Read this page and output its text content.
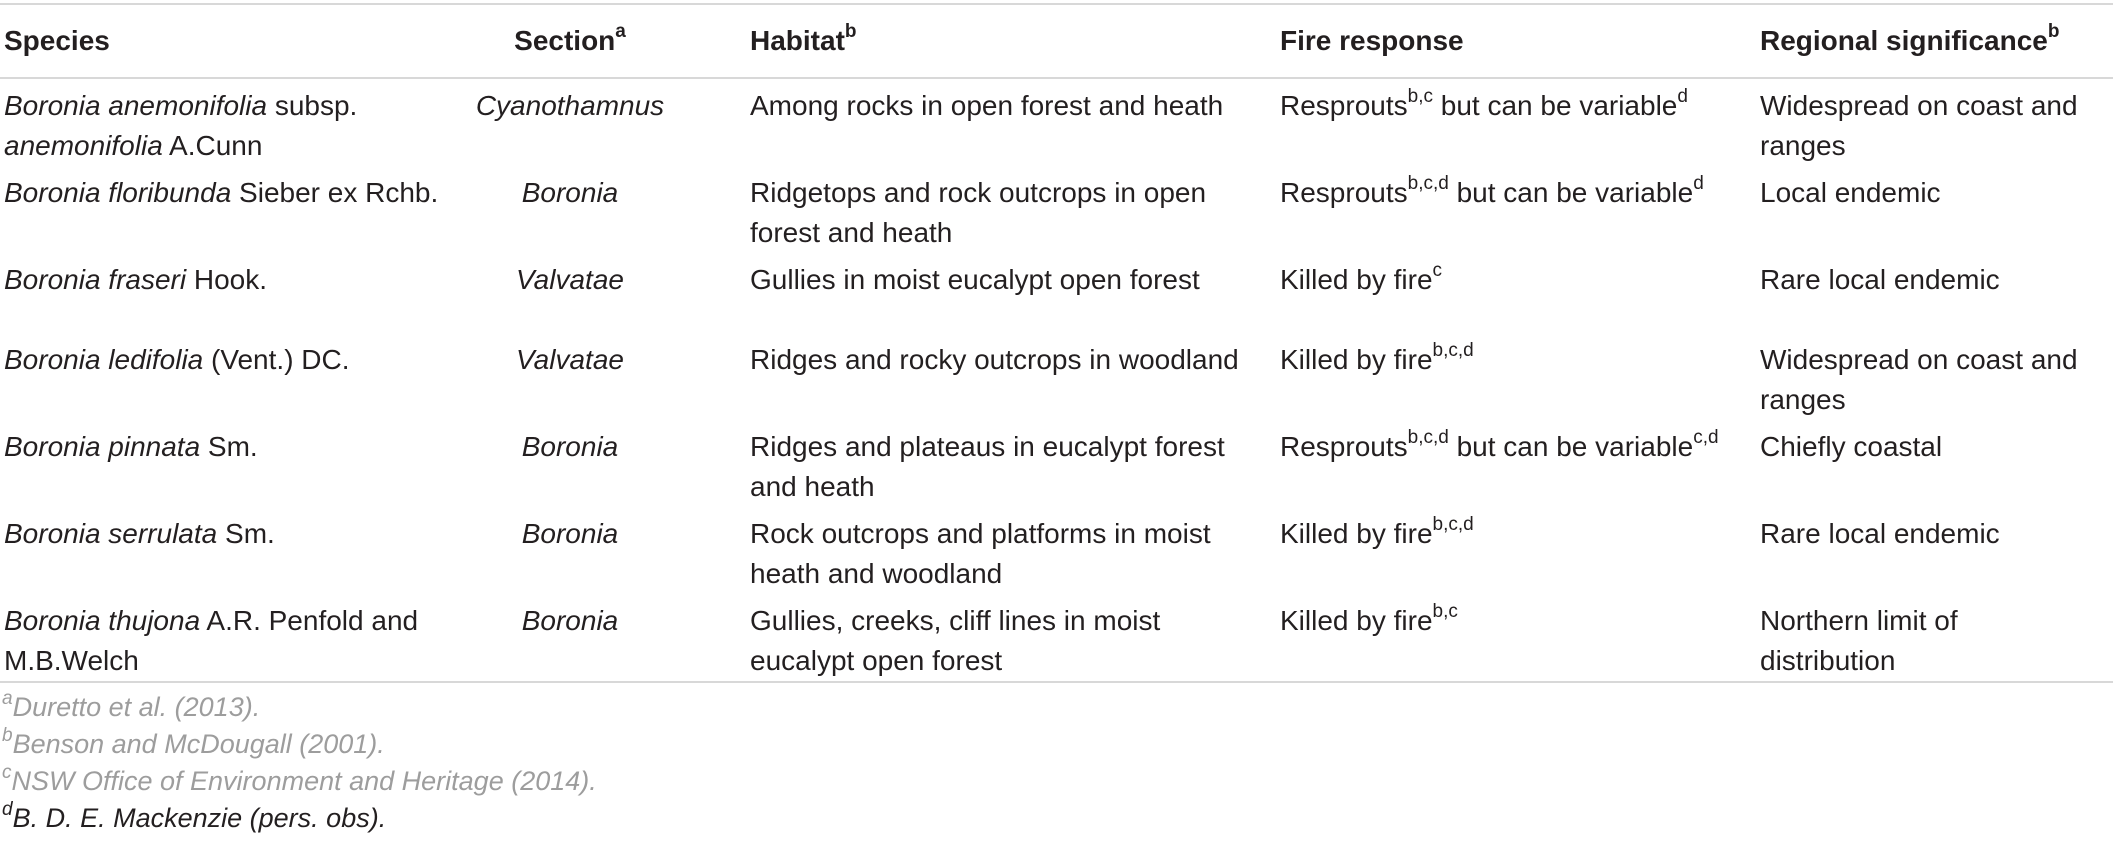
Species	Section$^a$	Habitat$^b$	Fire response	Regional significance$^b$
Boronia anemonifolia subsp. anemonifolia A.Cunn	Cyanothamnus	Among rocks in open forest and heath	Resprouts$^{b,c}$ but can be variable$^d$	Widespread on coast and ranges
Boronia floribunda Sieber ex Rchb.	Boronia	Ridgetops and rock outcrops in open forest and heath	Resprouts$^{b,c,d}$ but can be variable$^d$	Local endemic
Boronia fraseri Hook.	Valvatae	Gullies in moist eucalypt open forest	Killed by fire$^c$	Rare local endemic
Boronia ledifolia (Vent.) DC.	Valvatae	Ridges and rocky outcrops in woodland	Killed by fire$^{b,c,d}$	Widespread on coast and ranges
Boronia pinnata Sm.	Boronia	Ridges and plateaus in eucalypt forest and heath	Resprouts$^{b,c,d}$ but can be variable$^{c,d}$	Chiefly coastal
Boronia serrulata Sm.	Boronia	Rock outcrops and platforms in moist heath and woodland	Killed by fire$^{b,c,d}$	Rare local endemic
Boronia thujona A.R. Penfold and M.B.Welch	Boronia	Gullies, creeks, cliff lines in moist eucalypt open forest	Killed by fire$^{b,c}$	Northern limit of distribution
$^a$Duretto et al. (2013).
$^b$Benson and McDougall (2001).
$^c$NSW Office of Environment and Heritage (2014).
$^d$B. D. E. Mackenzie (pers. obs).
